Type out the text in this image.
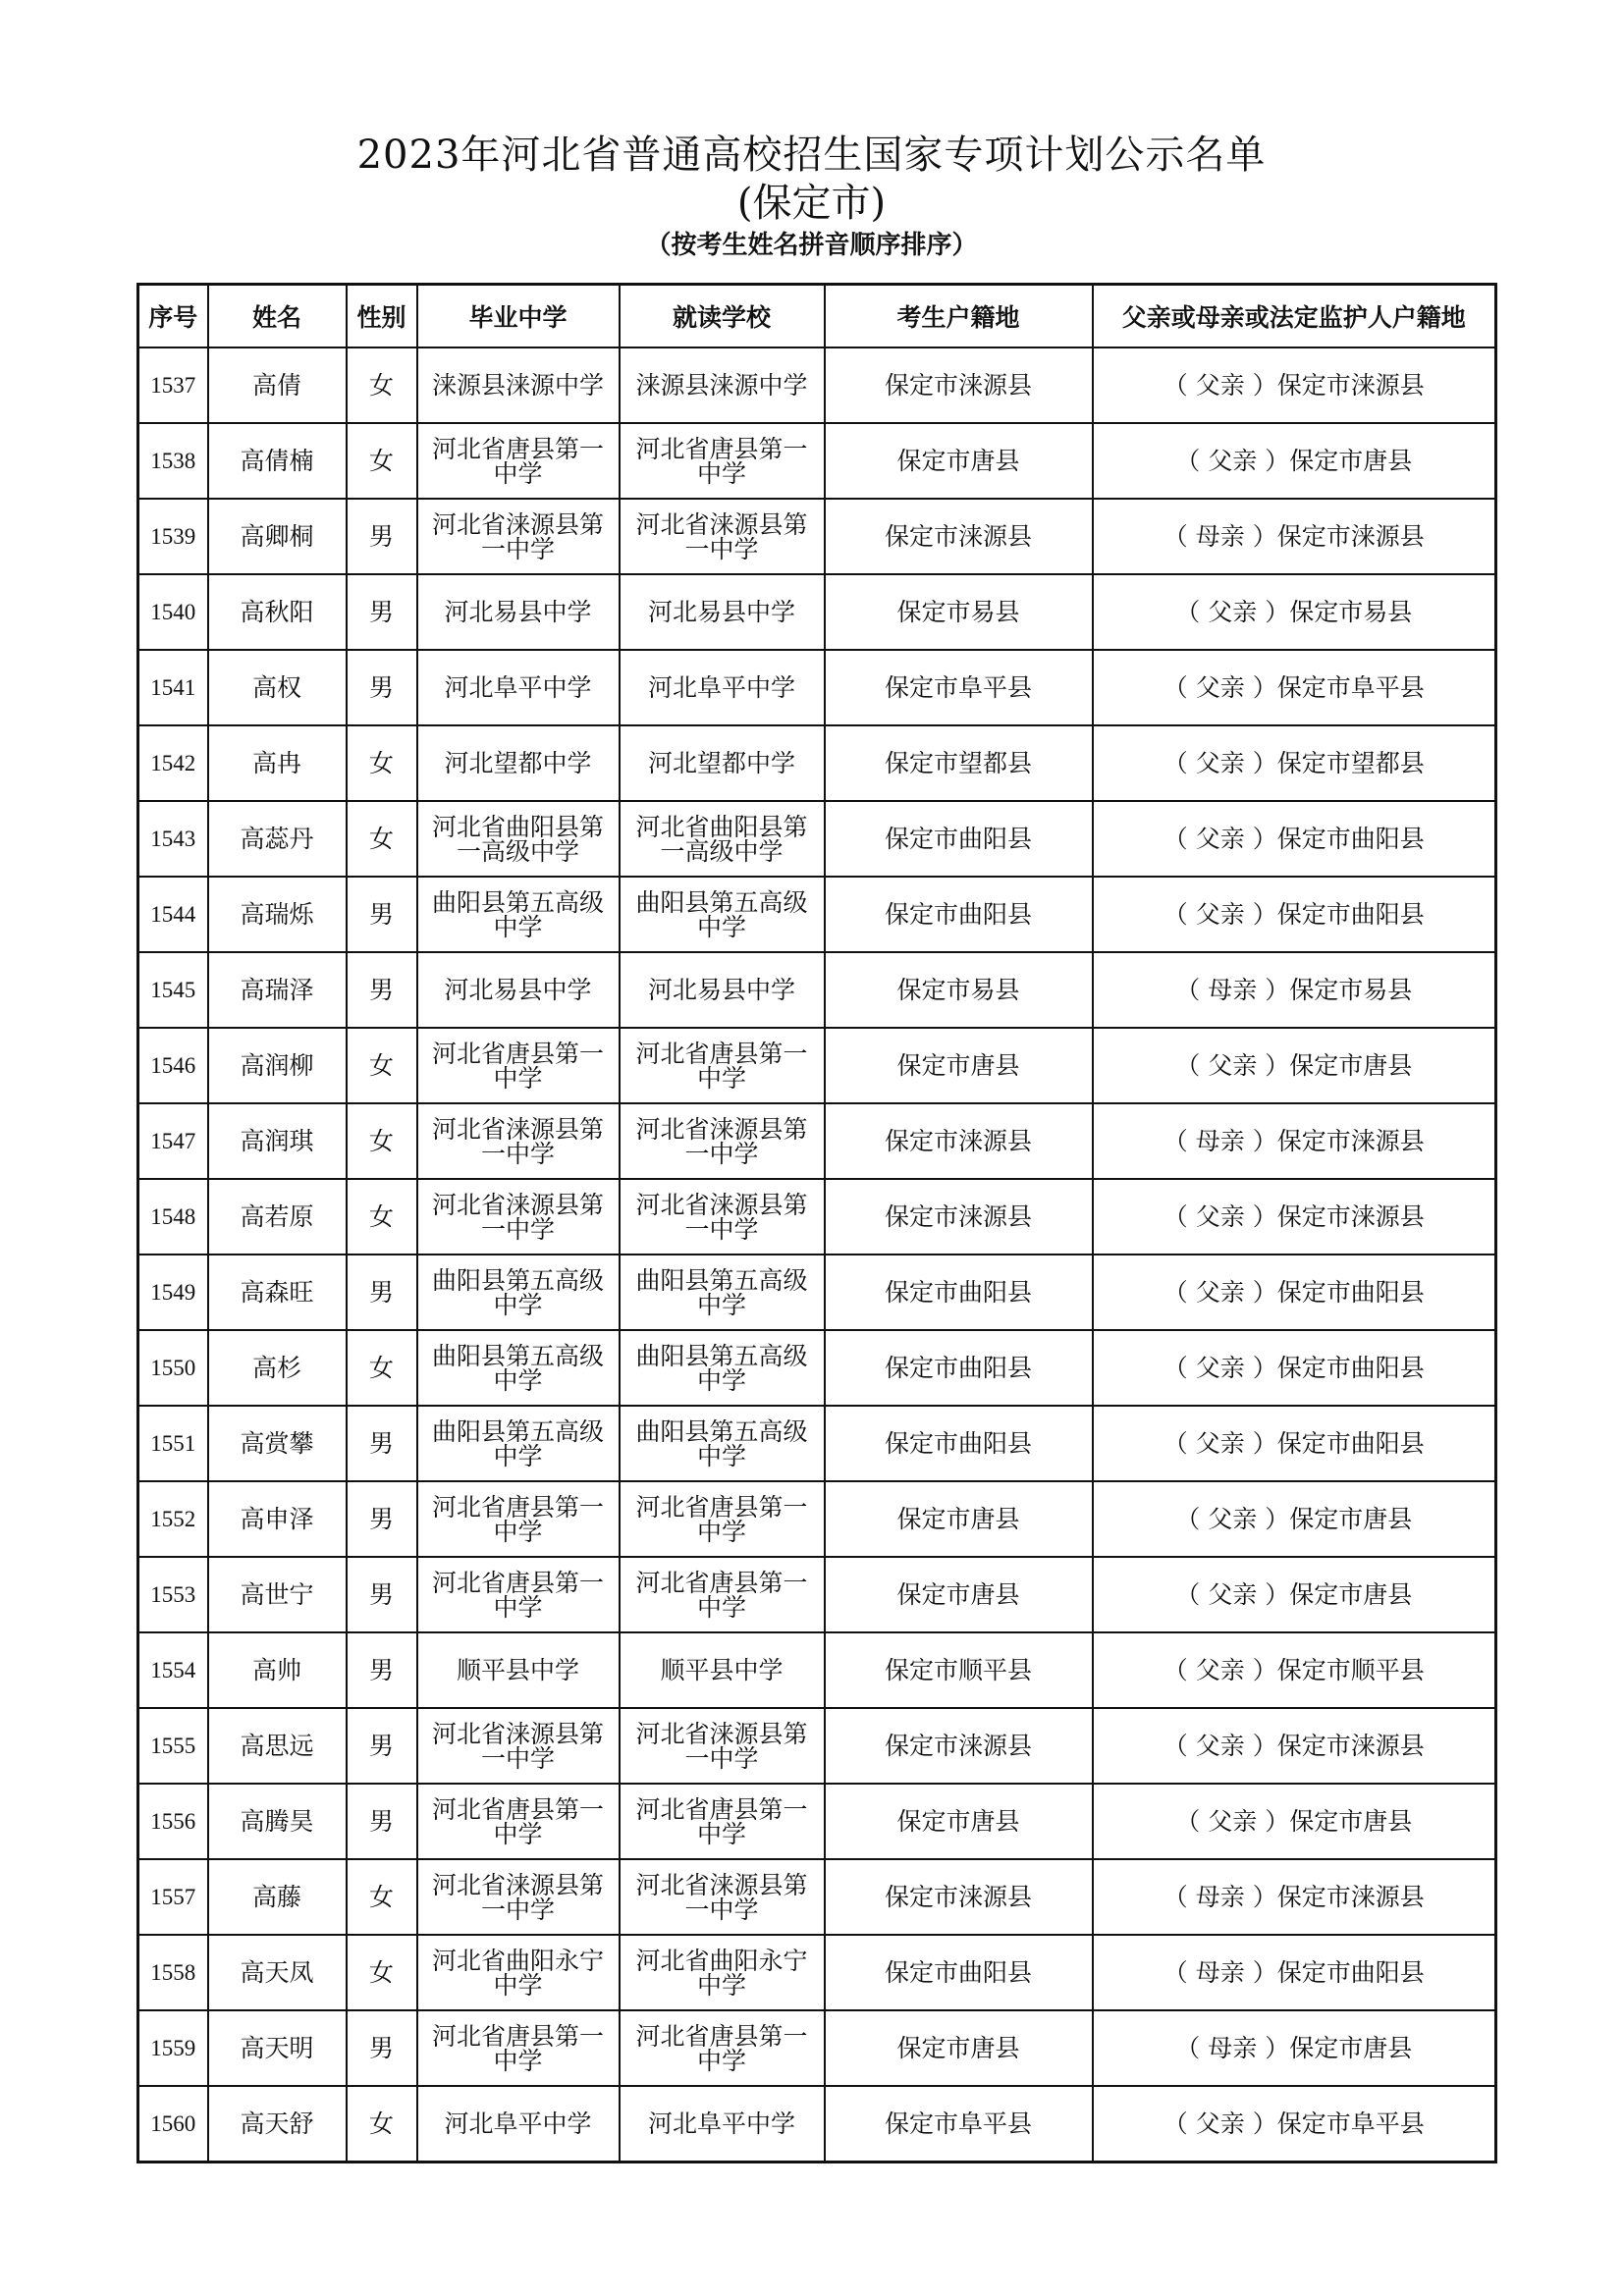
2023年河北省普通高校招生国家专项计划公示名单
(保定市)
（按考生姓名拼音顺序排序）
序号	姓名	性别	毕业中学	就读学校	考生户籍地	父亲或母亲或法定监护人户籍地
1537	高倩	女	涞源县涞源中学	涞源县涞源中学	保定市涞源县	（ 父亲 ）保定市涞源县
1538	高倩楠	女	河北省唐县第一中学	河北省唐县第一中学	保定市唐县	（ 父亲 ）保定市唐县
1539	高卿桐	男	河北省涞源县第一中学	河北省涞源县第一中学	保定市涞源县	（ 母亲 ）保定市涞源县
1540	高秋阳	男	河北易县中学	河北易县中学	保定市易县	（ 父亲 ）保定市易县
1541	高权	男	河北阜平中学	河北阜平中学	保定市阜平县	（ 父亲 ）保定市阜平县
1542	高冉	女	河北望都中学	河北望都中学	保定市望都县	（ 父亲 ）保定市望都县
1543	高蕊丹	女	河北省曲阳县第一高级中学	河北省曲阳县第一高级中学	保定市曲阳县	（ 父亲 ）保定市曲阳县
1544	高瑞烁	男	曲阳县第五高级中学	曲阳县第五高级中学	保定市曲阳县	（ 父亲 ）保定市曲阳县
1545	高瑞泽	男	河北易县中学	河北易县中学	保定市易县	（ 母亲 ）保定市易县
1546	高润柳	女	河北省唐县第一中学	河北省唐县第一中学	保定市唐县	（ 父亲 ）保定市唐县
1547	高润琪	女	河北省涞源县第一中学	河北省涞源县第一中学	保定市涞源县	（ 母亲 ）保定市涞源县
1548	高若原	女	河北省涞源县第一中学	河北省涞源县第一中学	保定市涞源县	（ 父亲 ）保定市涞源县
1549	高森旺	男	曲阳县第五高级中学	曲阳县第五高级中学	保定市曲阳县	（ 父亲 ）保定市曲阳县
1550	高杉	女	曲阳县第五高级中学	曲阳县第五高级中学	保定市曲阳县	（ 父亲 ）保定市曲阳县
1551	高赏攀	男	曲阳县第五高级中学	曲阳县第五高级中学	保定市曲阳县	（ 父亲 ）保定市曲阳县
1552	高申泽	男	河北省唐县第一中学	河北省唐县第一中学	保定市唐县	（ 父亲 ）保定市唐县
1553	高世宁	男	河北省唐县第一中学	河北省唐县第一中学	保定市唐县	（ 父亲 ）保定市唐县
1554	高帅	男	顺平县中学	顺平县中学	保定市顺平县	（ 父亲 ）保定市顺平县
1555	高思远	男	河北省涞源县第一中学	河北省涞源县第一中学	保定市涞源县	（ 父亲 ）保定市涞源县
1556	高腾昊	男	河北省唐县第一中学	河北省唐县第一中学	保定市唐县	（ 父亲 ）保定市唐县
1557	高藤	女	河北省涞源县第一中学	河北省涞源县第一中学	保定市涞源县	（ 母亲 ）保定市涞源县
1558	高天凤	女	河北省曲阳永宁中学	河北省曲阳永宁中学	保定市曲阳县	（ 母亲 ）保定市曲阳县
1559	高天明	男	河北省唐县第一中学	河北省唐县第一中学	保定市唐县	（ 母亲 ）保定市唐县
1560	高天舒	女	河北阜平中学	河北阜平中学	保定市阜平县	（ 父亲 ）保定市阜平县
